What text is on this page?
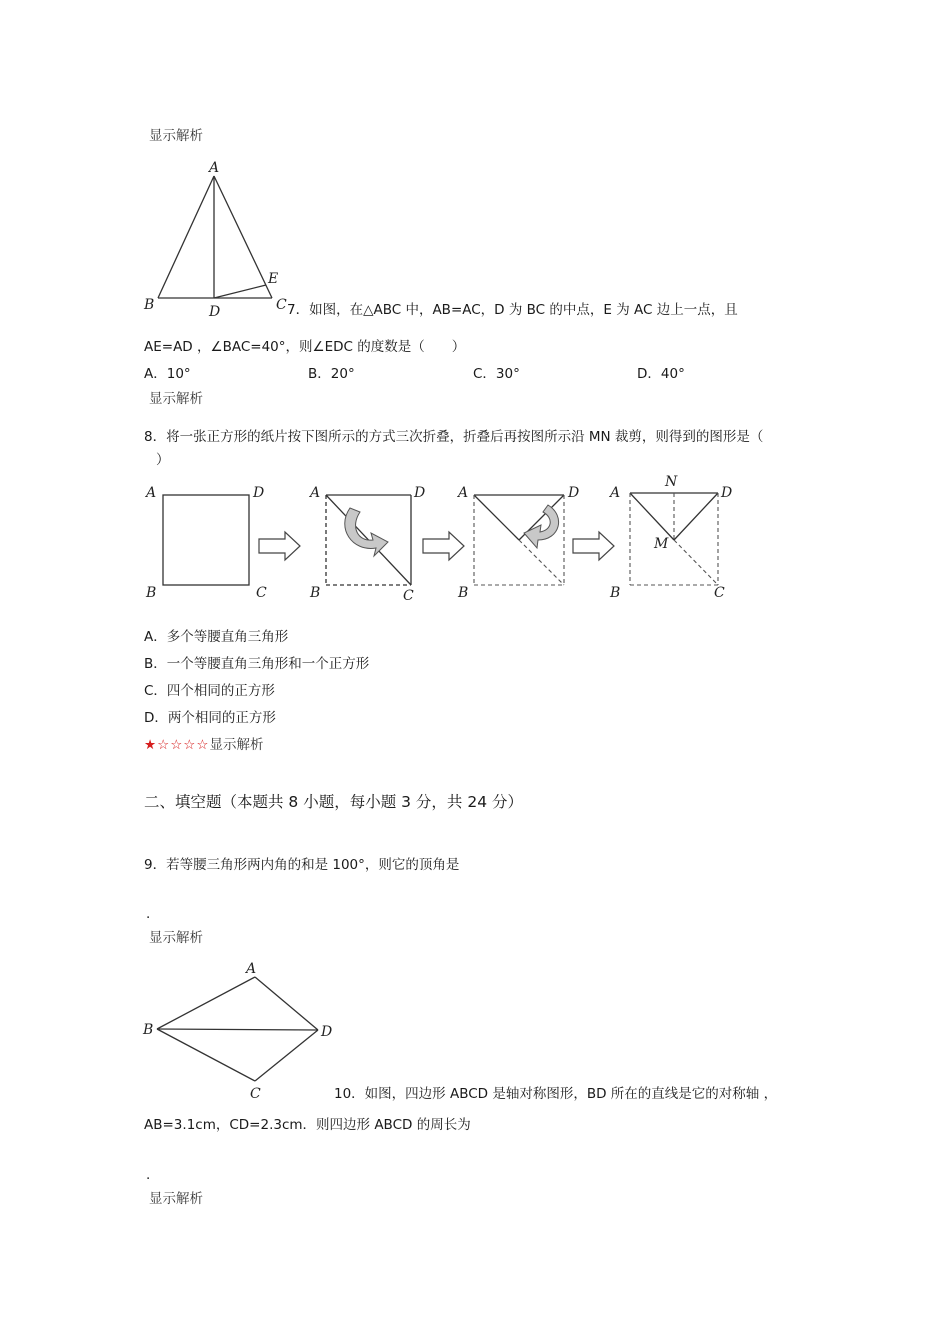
显示解析
A
B	C
D
E
7．如图，在△ABC 中，AB=AC，D 为 BC 的中点，E 为 AC 边上一点，且
AE=AD ，∠BAC=40°，则∠EDC 的度数是（　　）
A．10°	B．20°	C．30°	D．40°
显示解析
8．将一张正方形的纸片按下图所示的方式三次折叠，折叠后再按图所示沿 MN 裁剪，则得到的图形是（
）
A	D
B	C
A	D
B	C
A	D
B
A	D
B	C
N
M
A．多个等腰直角三角形
B．一个等腰直角三角形和一个正方形
C．四个相同的正方形
D．两个相同的正方形
★☆☆☆☆显示解析
二、填空题（本题共 8 小题，每小题 3 分，共 24 分）
9．若等腰三角形两内角的和是 100°，则它的顶角是
.
显示解析
A
B
C
D
10．如图，四边形 ABCD 是轴对称图形，BD 所在的直线是它的对称轴 ，
AB=3.1cm，CD=2.3cm．则四边形 ABCD 的周长为
.
显示解析
